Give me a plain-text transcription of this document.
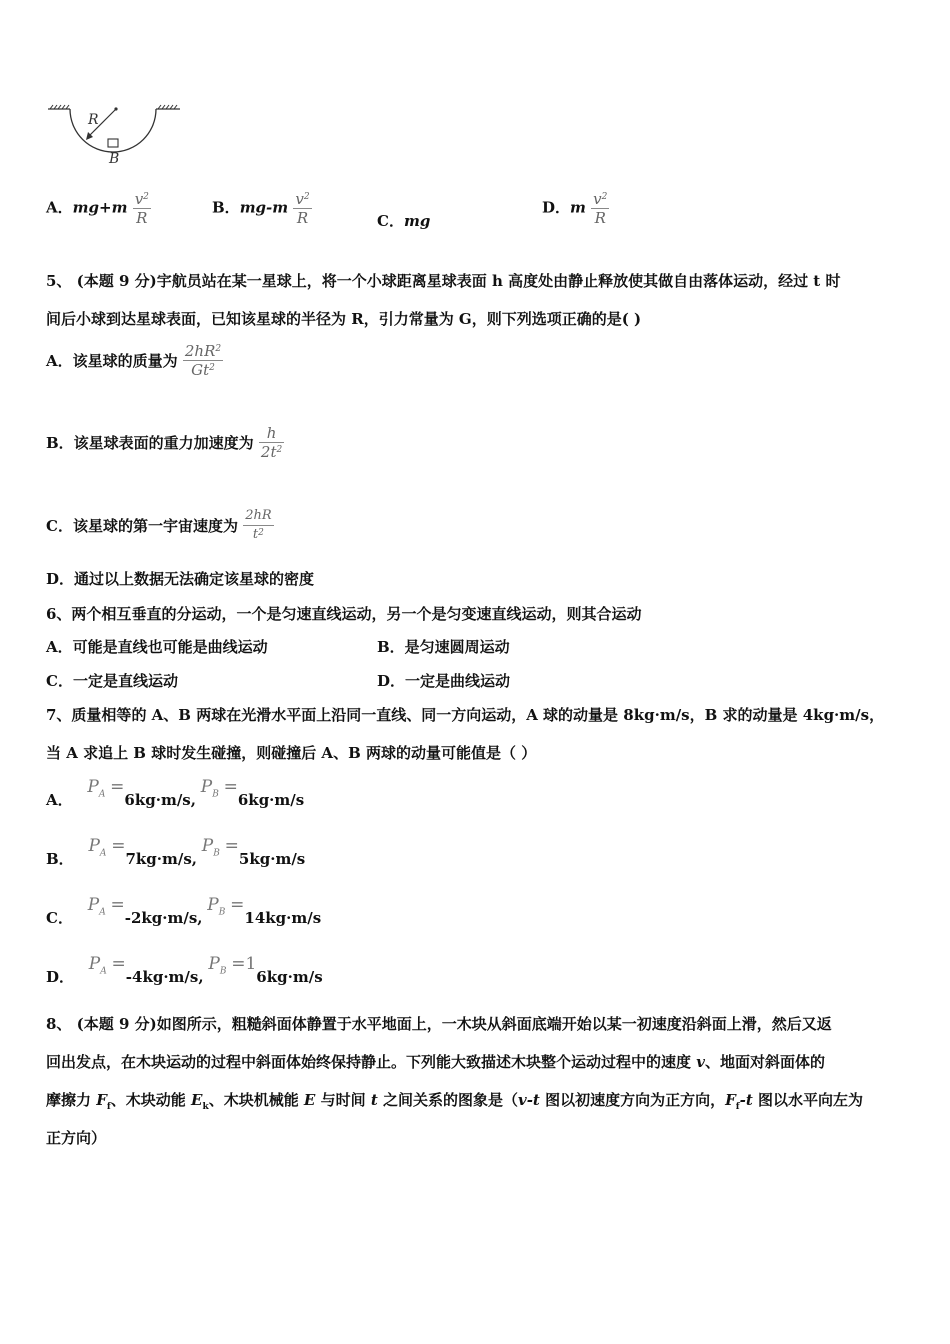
R
B
A．$mg+m \frac{v^2}{R}$	B．$mg-m \frac{v^2}{R}$	C．mg
D．m $\frac{v^2}{R}$
5、 (本题 9 分)宇航员站在某一星球上，将一个小球距离星球表面 h 高度处由静止释放使其做自由落体运动，经过 t 时
间后小球到达星球表面，已知该星球的半径为 R，引力常量为 G，则下列选项正确的是( )
A．该星球的质量为 $\frac{2hR^2}{Gt^2}$
B．该星球表面的重力加速度为 $\frac{h}{2t^2}$
C．该星球的第一宇宙速度为 $\frac{2hR}{t^2}$
D．通过以上数据无法确定该星球的密度
6、两个相互垂直的分运动，一个是匀速直线运动，另一个是匀变速直线运动，则其合运动
A．可能是直线也可能是曲线运动	B．是匀速圆周运动
C．一定是直线运动	D．一定是曲线运动
7、质量相等的 A、B 两球在光滑水平面上沿同一直线、同一方向运动，A 球的动量是 8kg·m/s，B 求的动量是 4kg·m/s，
当 A 求追上 B 球时发生碰撞，则碰撞后 A、B 两球的动量可能值是（ ）
A． $P_A =6kg\cdot m/s$, $P_B =6kg\cdot m/s$
B． $P_A =7kg\cdot m/s$, $P_B =5kg\cdot m/s$
C． $P_A =-2kg\cdot m/s$, $P_B =14kg\cdot m/s$
D． $P_A =-4kg\cdot m/s$, $P_B =16kg\cdot m/s$
8、 (本题 9 分)如图所示，粗糙斜面体静置于水平地面上，一木块从斜面底端开始以某一初速度沿斜面上滑，然后又返
回出发点，在木块运动的过程中斜面体始终保持静止。下列能大致描述木块整个运动过程中的速度 v、地面对斜面体的
摩擦力 $F_f$、木块动能 $E_k$、木块机械能 E 与时间 t 之间关系的图象是（v-t 图以初速度方向为正方向，$F_f-t$ 图以水平向左为
正方向）
